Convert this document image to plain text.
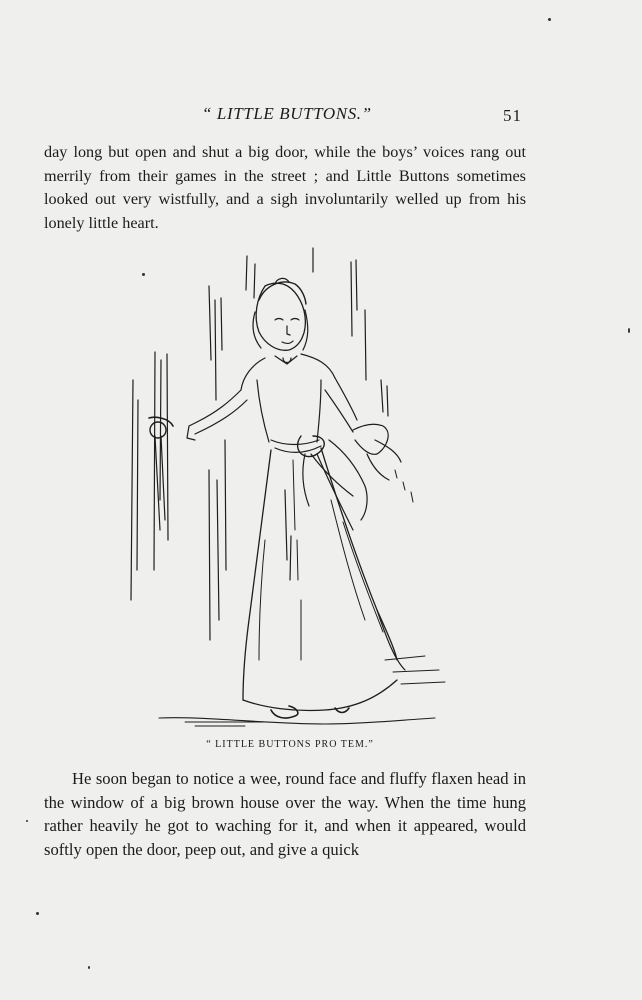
“ LITTLE BUTTONS.”	51

day long but open and shut a big door, while the boys’ voices rang out merrily from their games in the street ; and Little Buttons sometimes looked out very wistfully, and a sigh involuntarily welled up from his lonely little heart.

“ LITTLE BUTTONS PRO TEM.”

He soon began to notice a wee, round face and fluffy flaxen head in the window of a big brown house over the way. When the time hung rather heavily he got to waching for it, and when it appeared, would softly open the door, peep out, and give a quick
